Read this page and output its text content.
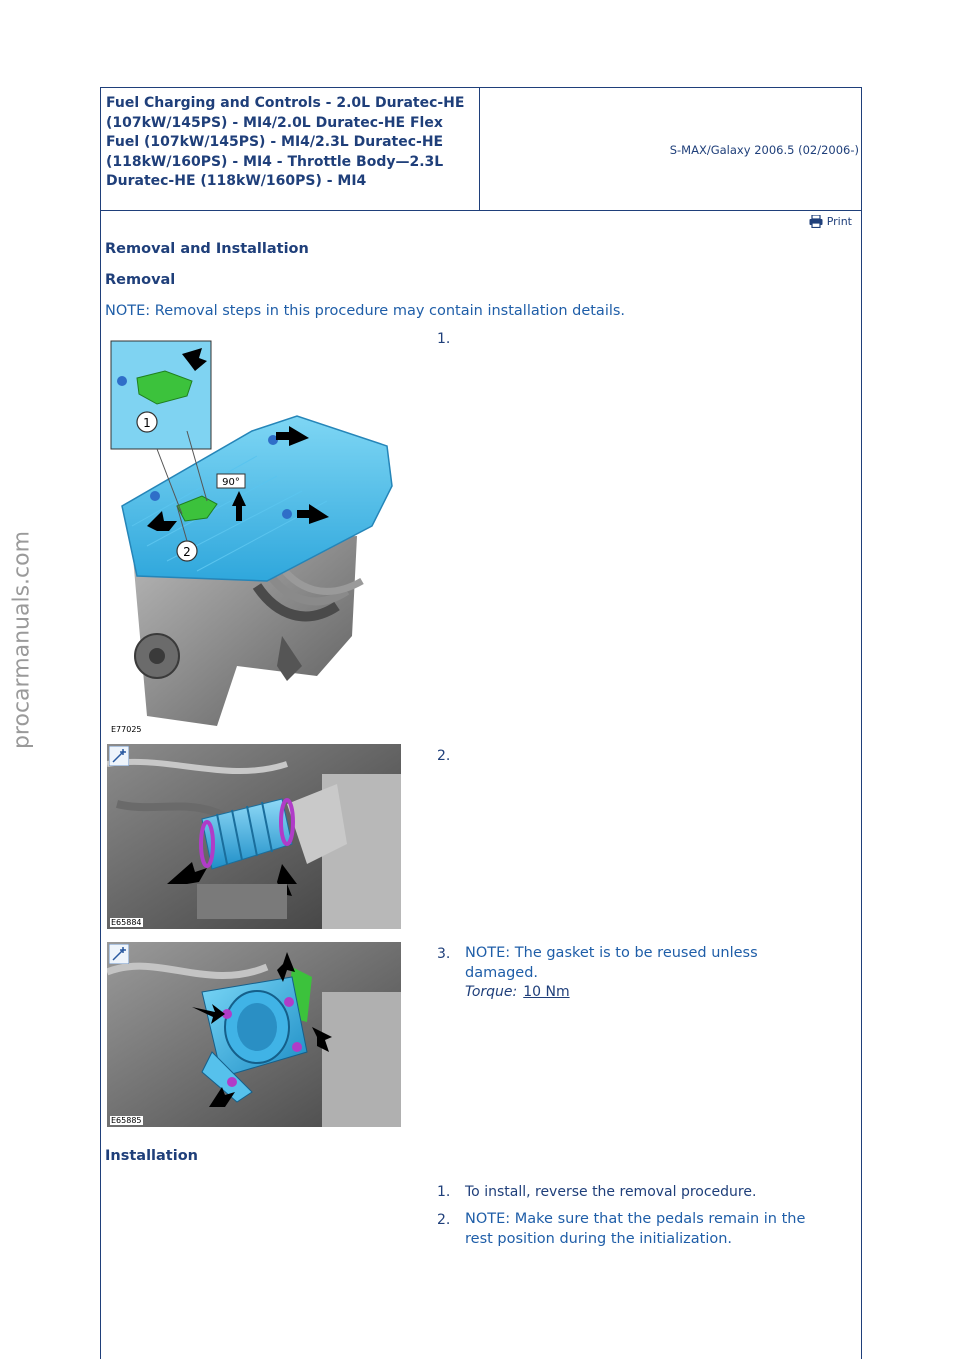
procarmanuals.com
Fuel Charging and Controls - 2.0L Duratec-HE (107kW/145PS) - MI4/2.0L Duratec-HE Flex Fuel (107kW/145PS) - MI4/2.3L Duratec-HE (118kW/160PS) - MI4 - Throttle Body—2.3L Duratec-HE (118kW/160PS) - MI4
S-MAX/Galaxy 2006.5 (02/2006-)
Print
Removal and Installation
Removal
NOTE: Removal steps in this procedure may contain installation details.
1
2
90°
E77025
1.
E65884
2.
E65885
3. NOTE: The gasket is to be reused unless damaged.
Torque: 10 Nm
Installation
1. To install, reverse the removal procedure.
2. NOTE: Make sure that the pedals remain in the rest position during the initialization.
